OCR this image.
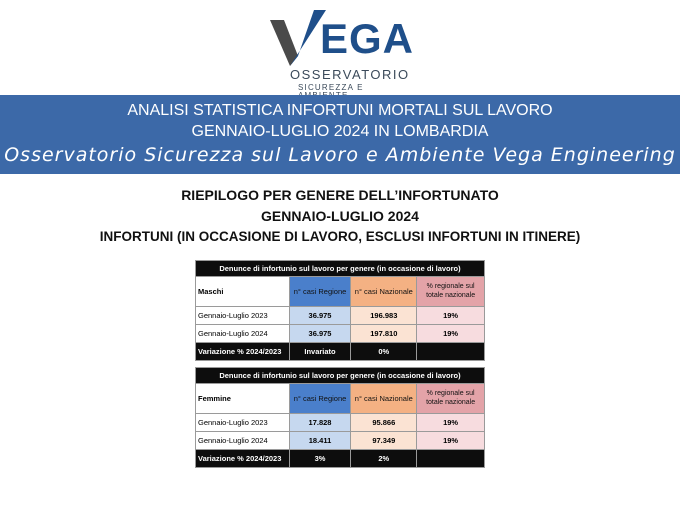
EGA
OSSERVATORIO
SICUREZZA E
ANALISI STATISTICA INFORTUNI MORTALI SUL LAVORO
GENNAIO-LUGLIO 2024 IN LOMBARDIA
Osservatorio Sicurezza sul Lavoro e Ambiente Vega Engineering
RIEPILOGO PER GENERE DELL’INFORTUNATO
GENNAIO-LUGLIO 2024
INFORTUNI (IN OCCASIONE DI LAVORO, ESCLUSI INFORTUNI IN ITINERE)
Denunce di infortunio sul lavoro per genere (in occasione di lavoro)			
Maschi	n° casi Regione	n° casi Nazionale	% regionale sul totale nazionale
Gennaio-Luglio 2023	36.975	196.983	19%
Gennaio-Luglio 2024	36.975	197.810	19%
Variazione % 2024/2023	Invariato	0%	
Denunce di infortunio sul lavoro per genere (in occasione di lavoro)			
Femmine	n° casi Regione	n° casi Nazionale	% regionale sul totale nazionale
Gennaio-Luglio 2023	17.828	95.866	19%
Gennaio-Luglio 2024	18.411	97.349	19%
Variazione % 2024/2023	3%	2%	
